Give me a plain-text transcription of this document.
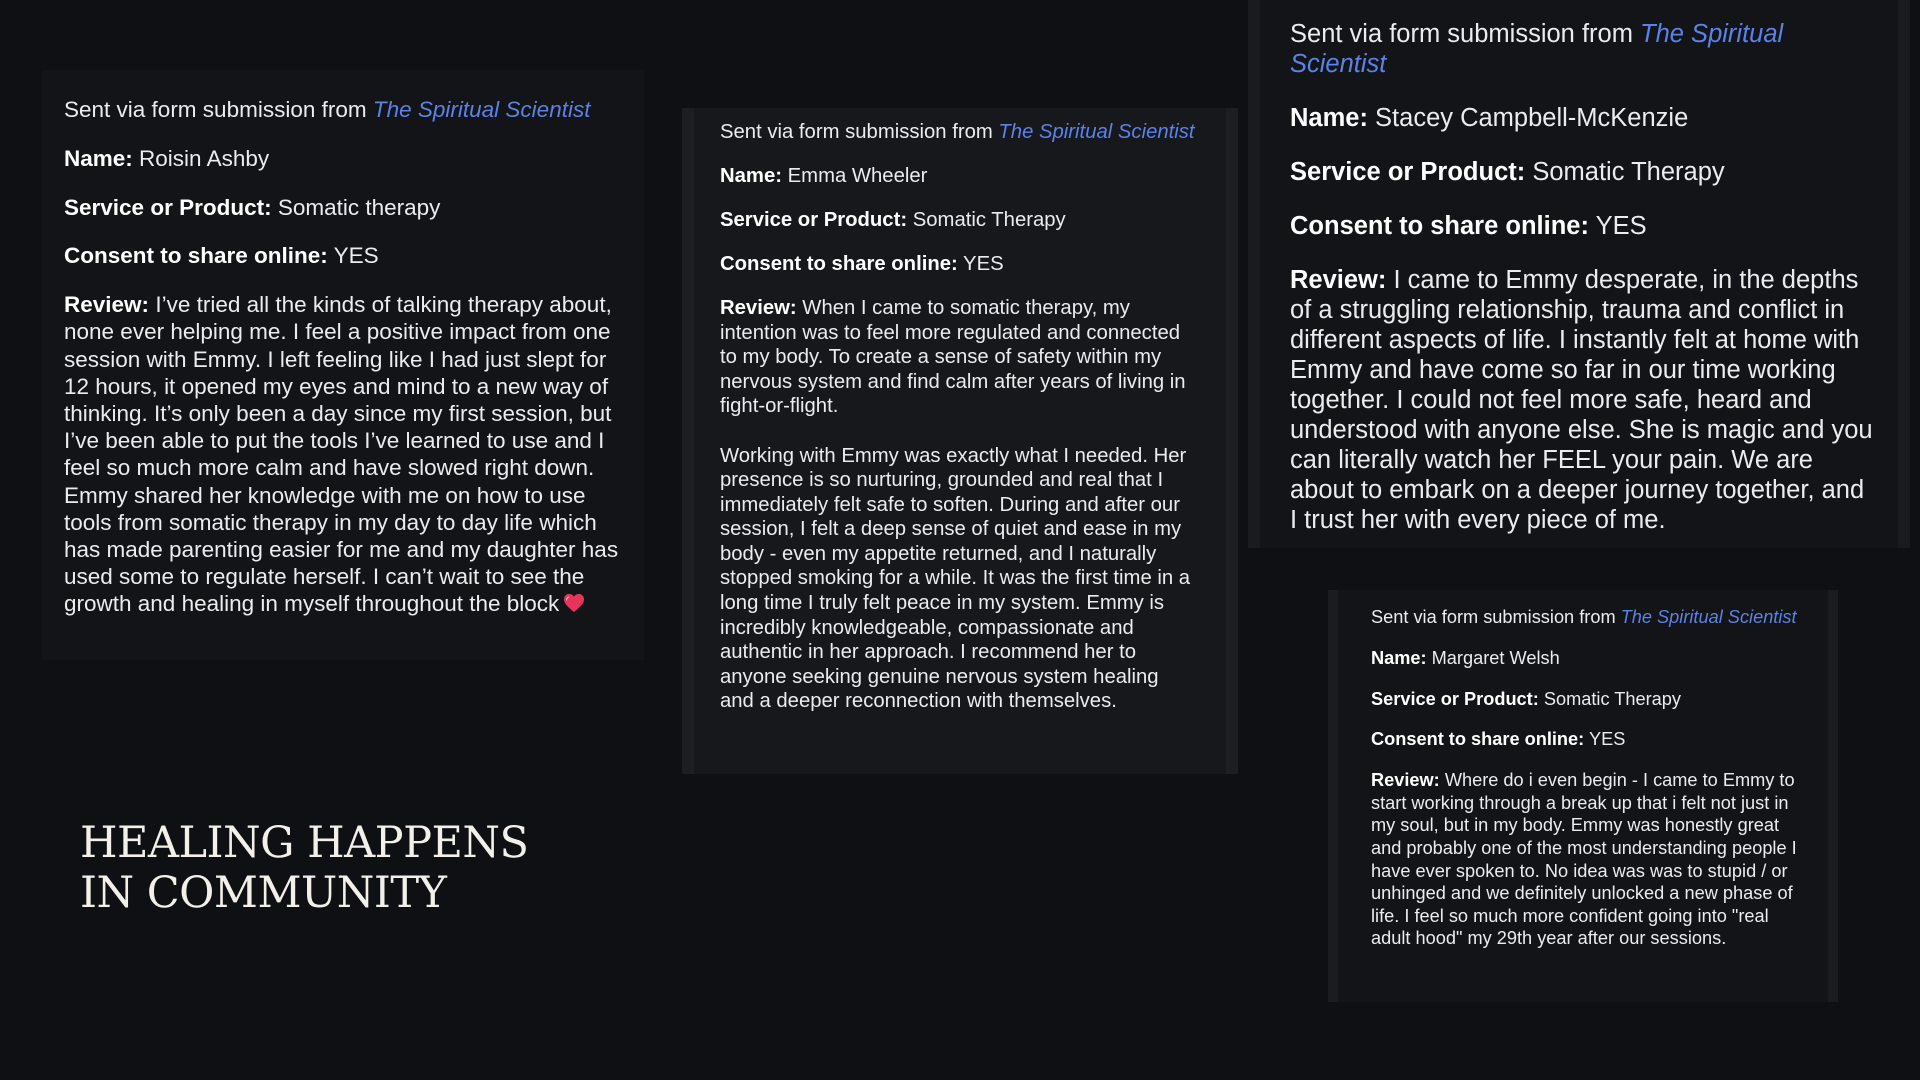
Sent via form submission from The Spiritual Scientist

Name: Roisin Ashby

Service or Product: Somatic therapy

Consent to share online: YES

Review: I’ve tried all the kinds of talking therapy about, none ever helping me. I feel a positive impact from one session with Emmy. I left feeling like I had just slept for 12 hours, it opened my eyes and mind to a new way of thinking. It’s only been a day since my first session, but I’ve been able to put the tools I’ve learned to use and I feel so much more calm and have slowed right down. Emmy shared her knowledge with me on how to use tools from somatic therapy in my day to day life which has made parenting easier for me and my daughter has used some to regulate herself. I can’t wait to see the growth and healing in myself throughout the block

Sent via form submission from The Spiritual Scientist

Name: Emma Wheeler

Service or Product: Somatic Therapy

Consent to share online: YES

Review: When I came to somatic therapy, my intention was to feel more regulated and connected to my body. To create a sense of safety within my nervous system and find calm after years of living in fight-or-flight.

Working with Emmy was exactly what I needed. Her presence is so nurturing, grounded and real that I immediately felt safe to soften. During and after our session, I felt a deep sense of quiet and ease in my body - even my appetite returned, and I naturally stopped smoking for a while. It was the first time in a long time I truly felt peace in my system. Emmy is incredibly knowledgeable, compassionate and authentic in her approach. I recommend her to anyone seeking genuine nervous system healing and a deeper reconnection with themselves.

Sent via form submission from The Spiritual Scientist

Name: Stacey Campbell-McKenzie

Service or Product: Somatic Therapy

Consent to share online: YES

Review: I came to Emmy desperate, in the depths of a struggling relationship, trauma and conflict in different aspects of life. I instantly felt at home with Emmy and have come so far in our time working together. I could not feel more safe, heard and understood with anyone else. She is magic and you can literally watch her FEEL your pain. We are about to embark on a deeper journey together, and I trust her with every piece of me.

Sent via form submission from The Spiritual Scientist

Name: Margaret Welsh

Service or Product: Somatic Therapy

Consent to share online: YES

Review: Where do i even begin - I came to Emmy to start working through a break up that i felt not just in my soul, but in my body. Emmy was honestly great and probably one of the most understanding people I have ever spoken to. No idea was was to stupid / or unhinged and we definitely unlocked a new phase of life. I feel so much more confident going into "real adult hood" my 29th year after our sessions.

HEALING HAPPENS
IN COMMUNITY
